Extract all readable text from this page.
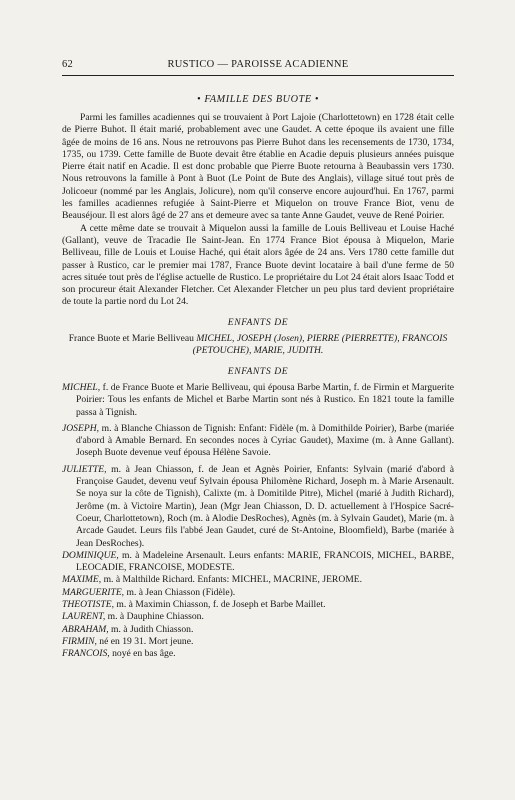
62	RUSTICO — PAROISSE ACADIENNE
• FAMILLE DES BUOTE •

Parmi les familles acadiennes qui se trouvaient à Port Lajoie (Charlottetown) en 1728 était celle de Pierre Buhot. Il était marié, probablement avec une Gaudet. A cette époque ils avaient une fille âgée de moins de 16 ans. Nous ne retrouvons pas Pierre Buhot dans les recensements de 1730, 1734, 1735, ou 1739. Cette famille de Buote devait être établie en Acadie depuis plusieurs années puisque Pierre était natif en Acadie. Il est donc probable que Pierre Buote retourna à Beaubassin vers 1730. Nous retrouvons la famille à Pont à Buot (Le Point de Bute des Anglais), village situé tout près de Jolicoeur (nommé par les Anglais, Jolicure), nom qu'il conserve encore aujourd'hui. En 1767, parmi les familles acadiennes refugiée à Saint-Pierre et Miquelon on trouve France Biot, venu de Beauséjour. Il est alors âgé de 27 ans et demeure avec sa tante Anne Gaudet, veuve de René Poirier.

A cette même date se trouvait à Miquelon aussi la famille de Louis Belliveau et Louise Haché (Gallant), veuve de Tracadie Ile Saint-Jean. En 1774 France Biot épousa à Miquelon, Marie Belliveau, fille de Louis et Louise Haché, qui était alors âgée de 24 ans. Vers 1780 cette famille dut passer à Rustico, car le premier mai 1787, France Buote devint locataire à bail d'une ferme de 50 acres située tout près de l'église actuelle de Rustico. Le propriétaire du Lot 24 était alors Isaac Todd et son procureur était Alexander Fletcher. Cet Alexander Fletcher un peu plus tard devient propriétaire de toute la partie nord du Lot 24.

ENFANTS DE

France Buote et Marie Belliveau MICHEL, JOSEPH (Josen), PIERRE (PIERRETTE), FRANCOIS (PETOUCHE), MARIE, JUDITH.

ENFANTS DE

MICHEL, f. de France Buote et Marie Belliveau, qui épousa Barbe Martin, f. de Firmin et Marguerite Poirier: Tous les enfants de Michel et Barbe Martin sont nés à Rustico. En 1821 toute la famille passa à Tignish.

JOSEPH, m. à Blanche Chiasson de Tignish: Enfant: Fidèle (m. à Domithilde Poirier), Barbe (mariée d'abord à Amable Bernard. En secondes noces à Cyriac Gaudet), Maxime (m. à Anne Gallant). Joseph Buote devenue veuf épousa Hélène Savoie.

JULIETTE, m. à Jean Chiasson, f. de Jean et Agnès Poirier, Enfants: Sylvain (marié d'abord à Françoise Gaudet, devenu veuf Sylvain épousa Philomène Richard, Joseph m. à Marie Arsenault. Se noya sur la côte de Tignish), Calixte (m. à Domitilde Pitre), Michel (marié à Judith Richard), Jerôme (m. à Victoire Martin), Jean (Mgr Jean Chiasson, D. D. actuellement à l'Hospice Sacré-Coeur, Charlottetown), Roch (m. à Alodie DesRoches), Agnès (m. à Sylvain Gaudet), Marie (m. à Arcade Gaudet. Leurs fils l'abbé Jean Gaudet, curé de St-Antoine, Bloomfield), Barbe (mariée à Jean DesRoches).

DOMINIQUE, m. à Madeleine Arsenault. Leurs enfants: MARIE, FRANCOIS, MICHEL, BARBE, LEOCADIE, FRANCOISE, MODESTE.

MAXIME, m. à Malthilde Richard. Enfants: MICHEL, MACRINE, JEROME.

MARGUERITE, m. à Jean Chiasson (Fidèle).

THEOTISTE, m. à Maximin Chiasson, f. de Joseph et Barbe Maillet.

LAURENT, m. à Dauphine Chiasson.

ABRAHAM, m. à Judith Chiasson.

FIRMIN, né en 19 31. Mort jeune.

FRANCOIS, noyé en bas âge.
